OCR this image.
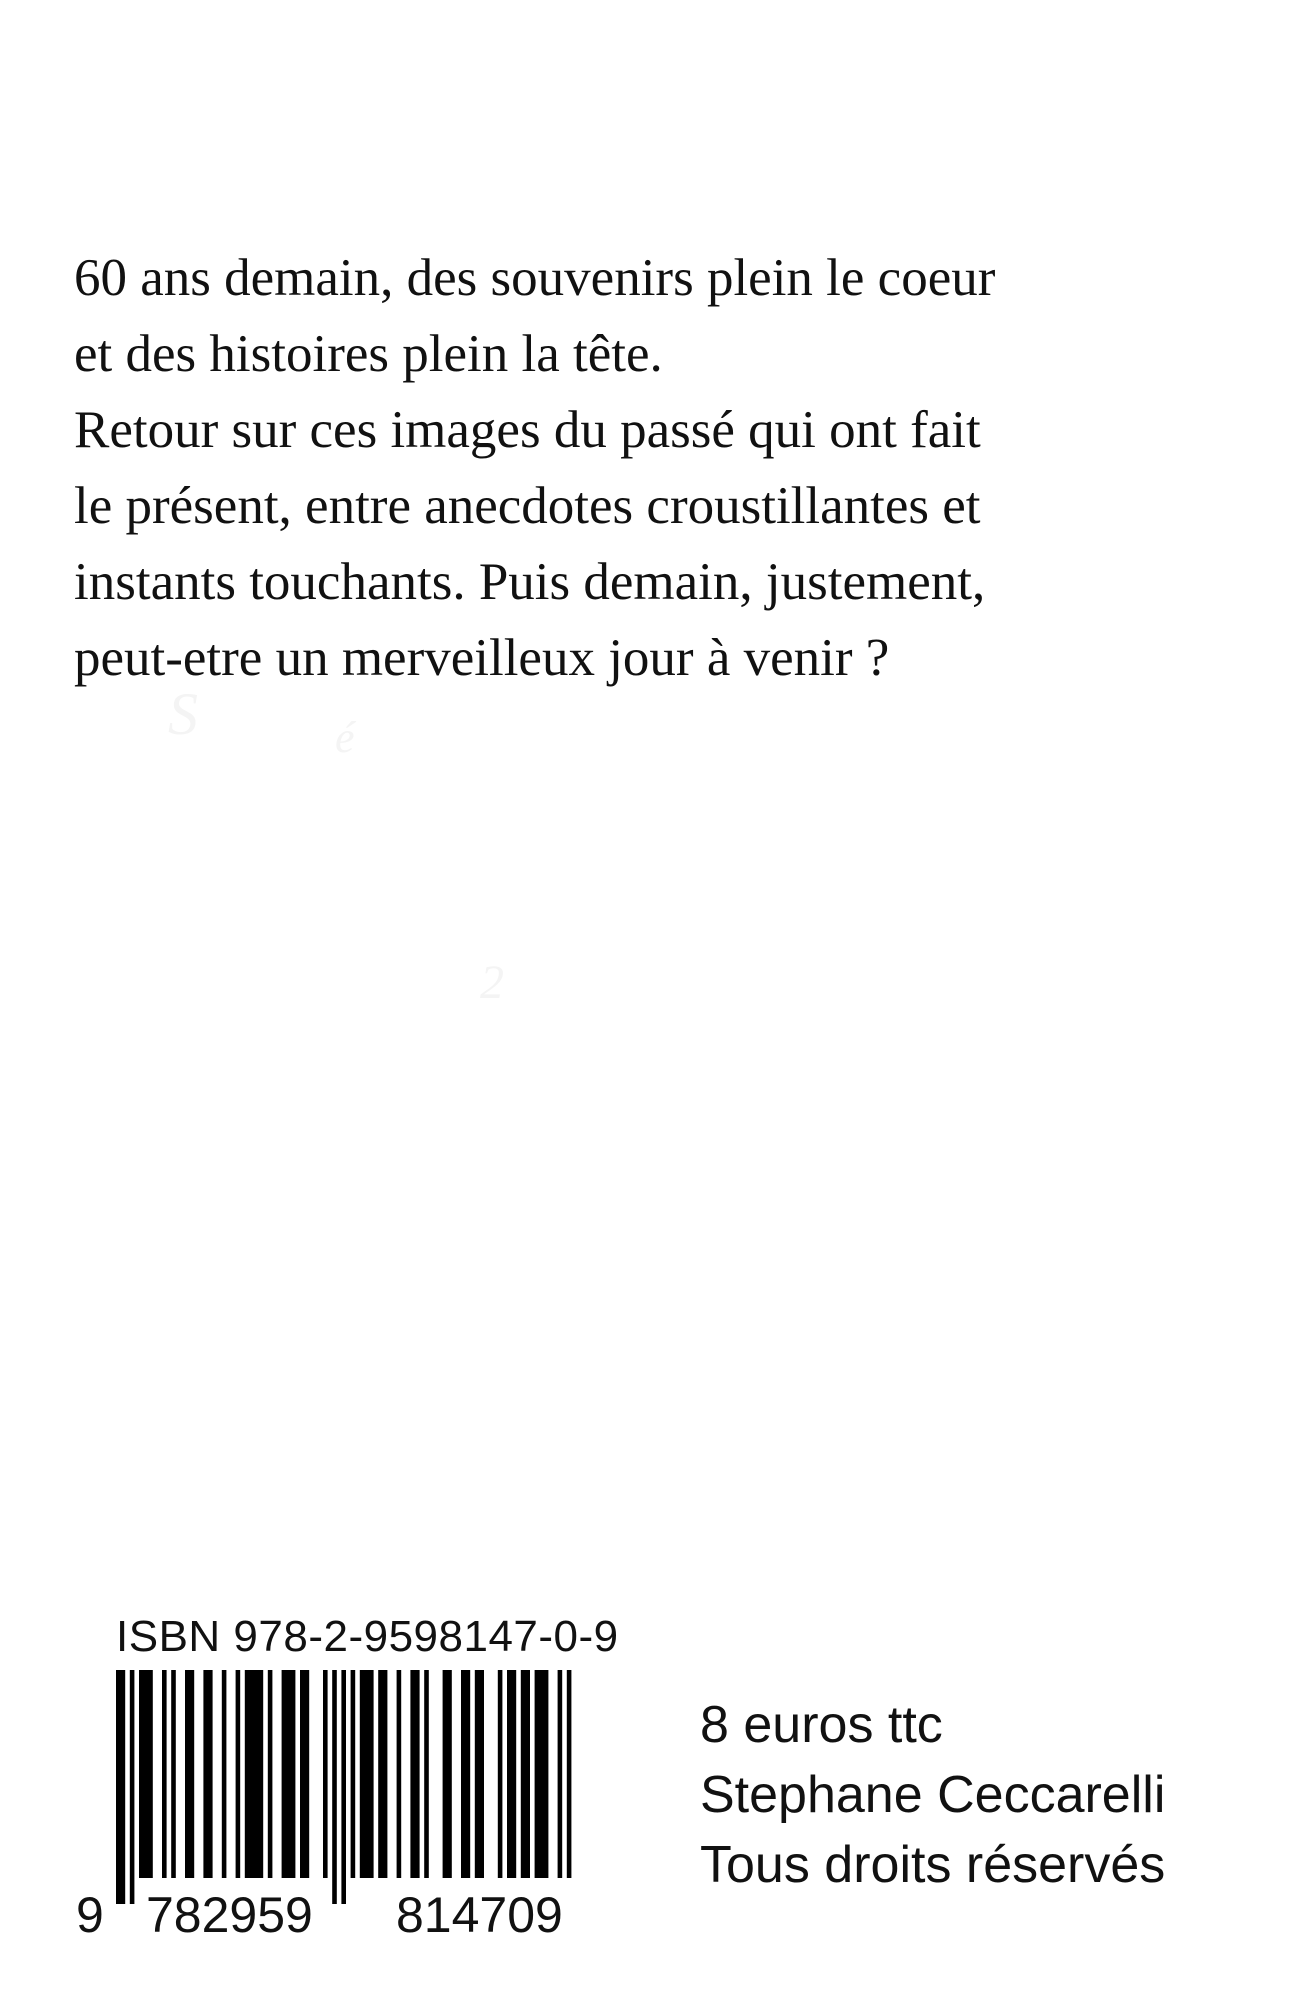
60 ans demain, des souvenirs plein le coeur
et des histoires plein la tête.
Retour sur ces images du passé qui ont fait
le présent, entre anecdotes croustillantes et
instants touchants. Puis demain, justement,
peut-etre un merveilleux jour à venir ?
S	é
2
ISBN 978-2-9598147-0-9
9 782959 814709
8 euros ttc
Stephane Ceccarelli
Tous droits réservés
